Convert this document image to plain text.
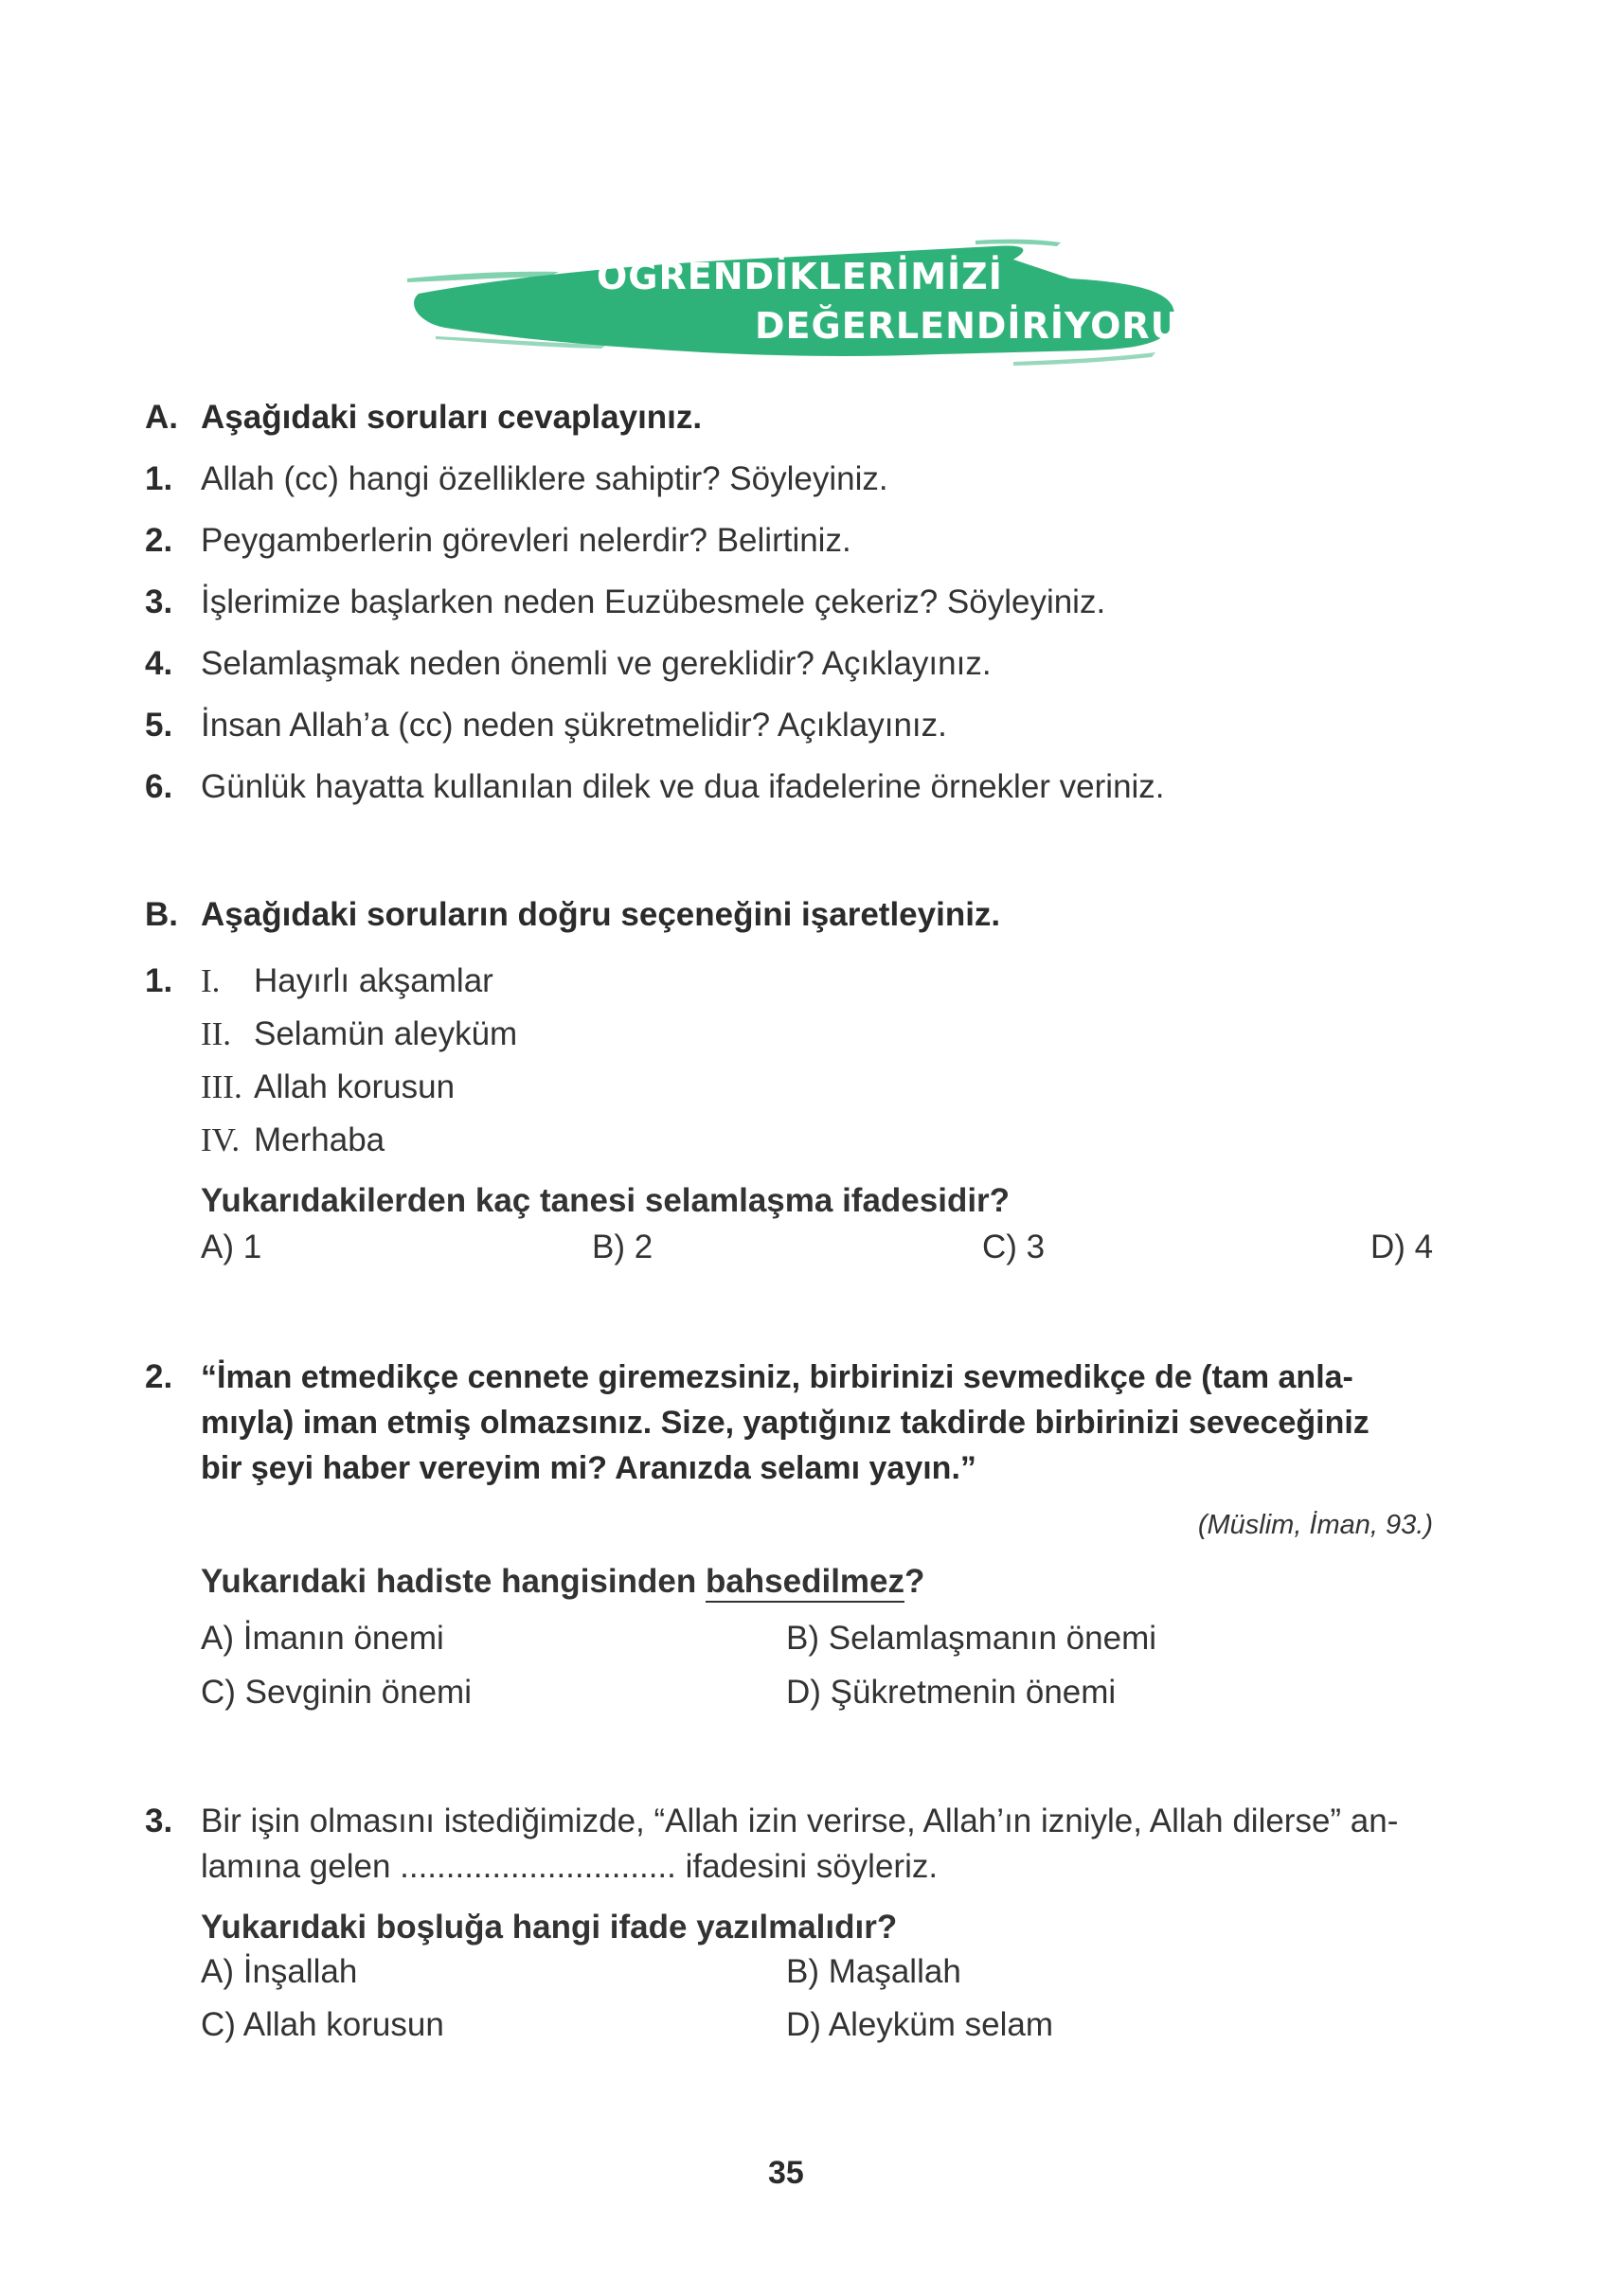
ÖĞRENDİKLERİMİZİ
DEĞERLENDİRİYORUZ
A. Aşağıdaki soruları cevaplayınız.
1. Allah (cc) hangi özelliklere sahiptir? Söyleyiniz.
2. Peygamberlerin görevleri nelerdir? Belirtiniz.
3. İşlerimize başlarken neden Euzübesmele çekeriz? Söyleyiniz.
4. Selamlaşmak neden önemli ve gereklidir? Açıklayınız.
5. İnsan Allah’a (cc) neden şükretmelidir? Açıklayınız.
6. Günlük hayatta kullanılan dilek ve dua ifadelerine örnekler veriniz.
B. Aşağıdaki soruların doğru seçeneğini işaretleyiniz.
1. I. Hayırlı akşamlar
II. Selamün aleyküm
III. Allah korusun
IV. Merhaba
Yukarıdakilerden kaç tanesi selamlaşma ifadesidir?
A) 1	B) 2	C) 3	D) 4
2. “İman etmedikçe cennete giremezsiniz, birbirinizi sevmedikçe de (tam anla-
mıyla) iman etmiş olmazsınız. Size, yaptığınız takdirde birbirinizi seveceğiniz
bir şeyi haber vereyim mi? Aranızda selamı yayın.”
(Müslim, İman, 93.)
Yukarıdaki hadiste hangisinden bahsedilmez?
A) İmanın önemi	B) Selamlaşmanın önemi
C) Sevginin önemi	D) Şükretmenin önemi
3. Bir işin olmasını istediğimizde, “Allah izin verirse, Allah’ın izniyle, Allah dilerse” an-
lamına gelen .............................. ifadesini söyleriz.
Yukarıdaki boşluğa hangi ifade yazılmalıdır?
A) İnşallah	B) Maşallah
C) Allah korusun	D) Aleyküm selam
35
